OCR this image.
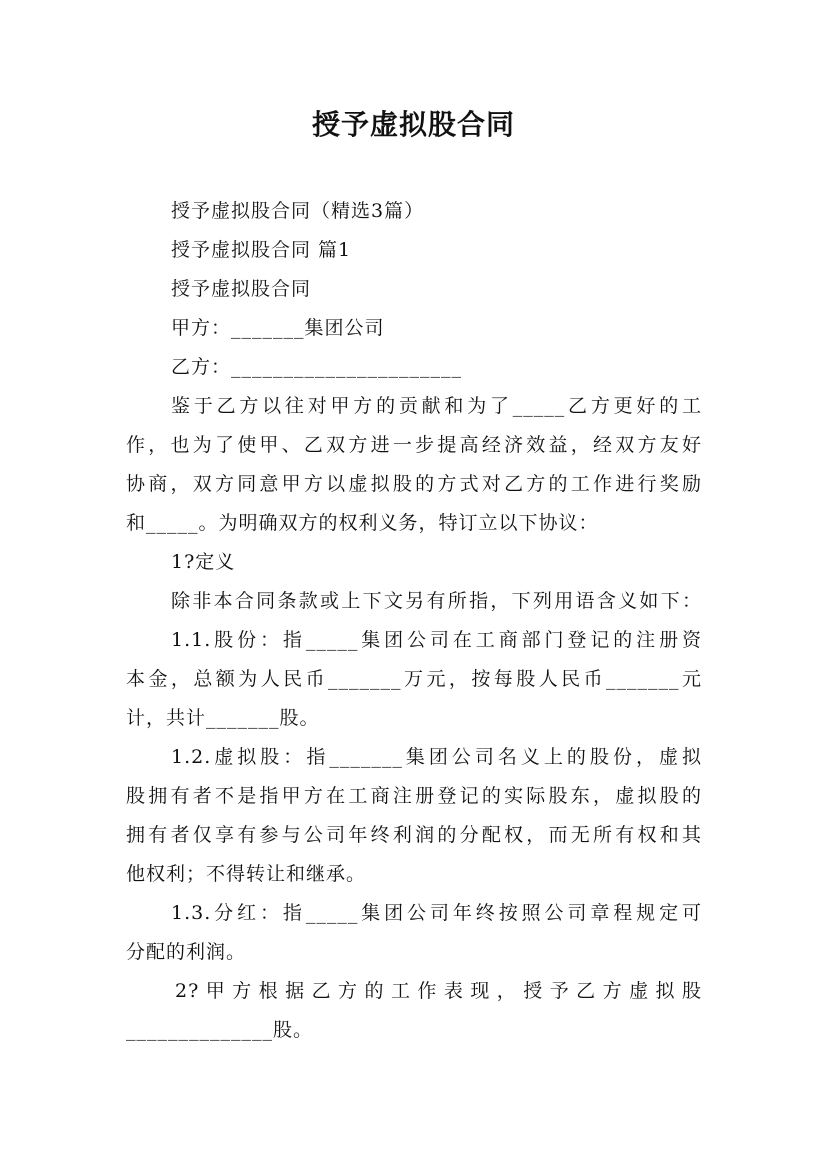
授予虚拟股合同
授予虚拟股合同（精选3篇）
授予虚拟股合同 篇1
授予虚拟股合同
甲方：_______集团公司
乙方：______________________
鉴于乙方以往对甲方的贡献和为了_____乙方更好的工
作，也为了使甲、乙双方进一步提高经济效益，经双方友好
协商，双方同意甲方以虚拟股的方式对乙方的工作进行奖励
和_____。为明确双方的权利义务，特订立以下协议：
1?定义
除非本合同条款或上下文另有所指，下列用语含义如下：
1.1.股份：指_____集团公司在工商部门登记的注册资
本金，总额为人民币_______万元，按每股人民币_______元
计，共计_______股。
1.2.虚拟股：指_______集团公司名义上的股份，虚拟
股拥有者不是指甲方在工商注册登记的实际股东，虚拟股的
拥有者仅享有参与公司年终利润的分配权，而无所有权和其
他权利；不得转让和继承。
1.3.分红：指_____集团公司年终按照公司章程规定可
分配的利润。
2?甲方根据乙方的工作表现，授予乙方虚拟股
______________股。
